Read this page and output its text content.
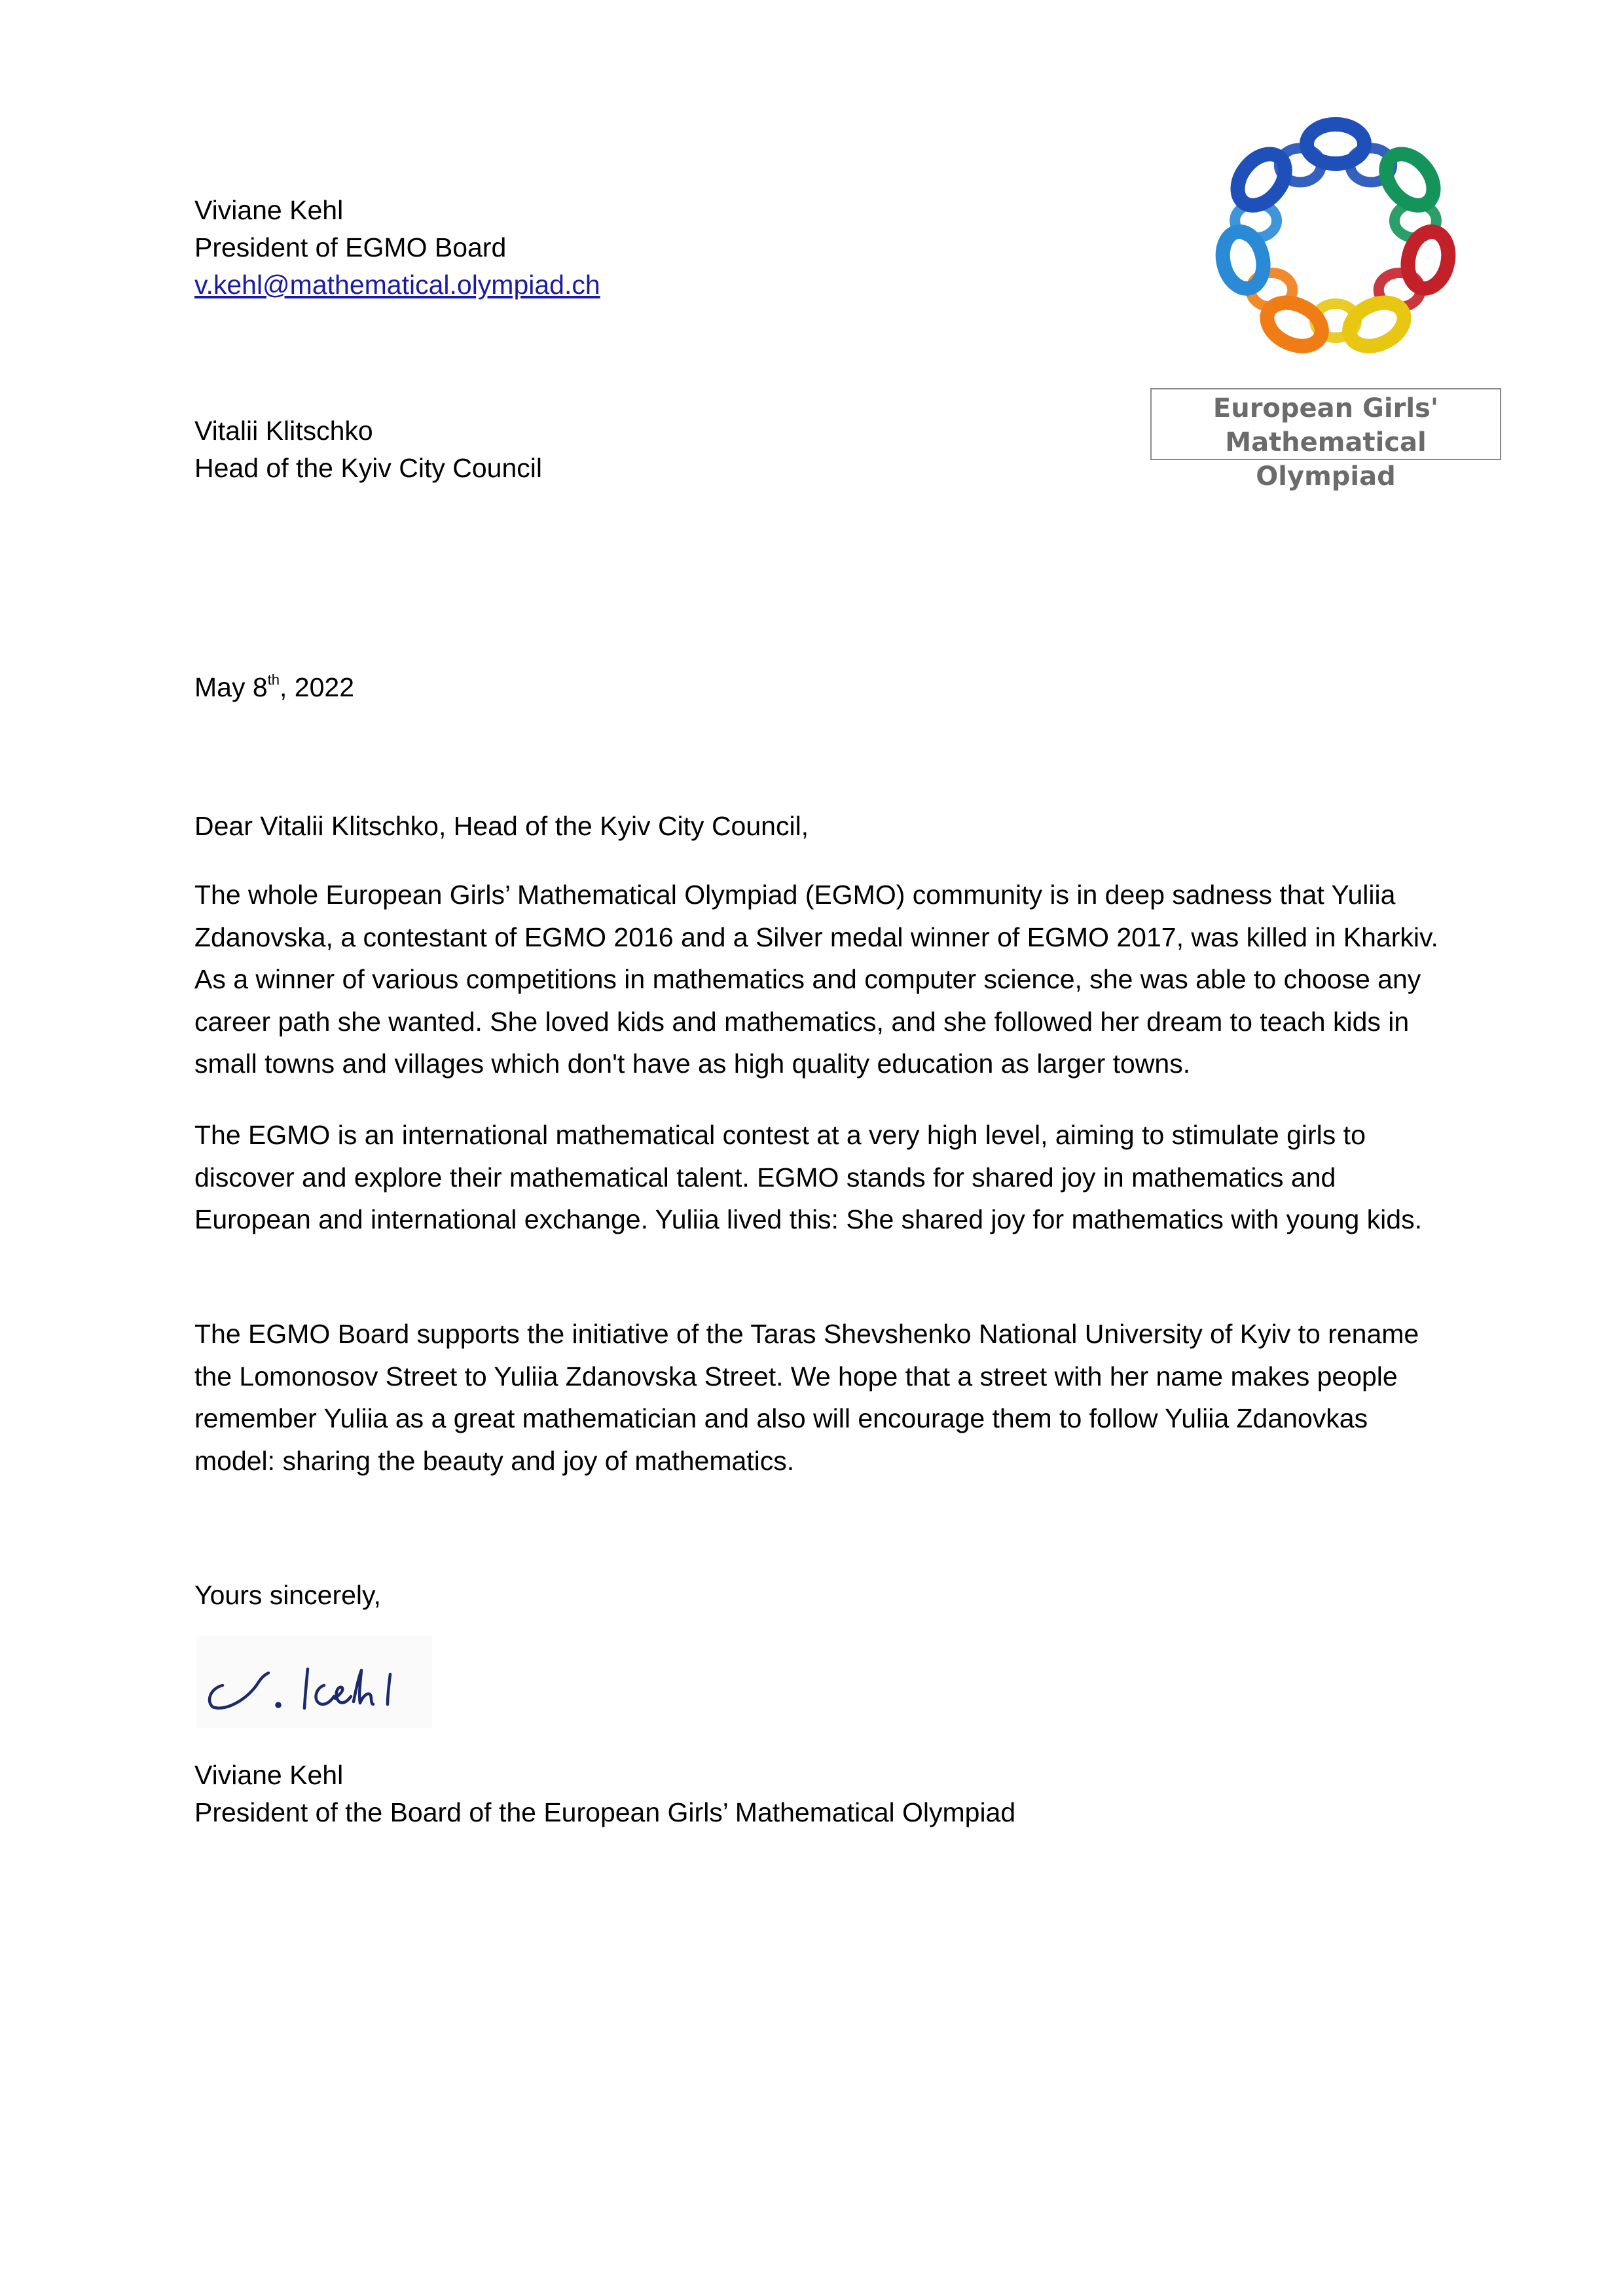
Viviane Kehl
President of EGMO Board
v.kehl@mathematical.olympiad.ch
European Girls'
Mathematical Olympiad
Vitalii Klitschko
Head of the Kyiv City Council
May 8th, 2022
Dear Vitalii Klitschko, Head of the Kyiv City Council,

The whole European Girls’ Mathematical Olympiad (EGMO) community is in deep sadness that Yuliia Zdanovska, a contestant of EGMO 2016 and a Silver medal winner of EGMO 2017, was killed in Kharkiv. As a winner of various competitions in mathematics and computer science, she was able to choose any career path she wanted. She loved kids and mathematics, and she followed her dream to teach kids in small towns and villages which don't have as high quality education as larger towns.

The EGMO is an international mathematical contest at a very high level, aiming to stimulate girls to discover and explore their mathematical talent. EGMO stands for shared joy in mathematics and European and international exchange. Yuliia lived this: She shared joy for mathematics with young kids.

The EGMO Board supports the initiative of the Taras Shevshenko National University of Kyiv to rename the Lomonosov Street to Yuliia Zdanovska Street. We hope that a street with her name makes people remember Yuliia as a great mathematician and also will encourage them to follow Yuliia Zdanovkas model: sharing the beauty and joy of mathematics.

Yours sincerely,
Viviane Kehl
President of the Board of the European Girls’ Mathematical Olympiad
